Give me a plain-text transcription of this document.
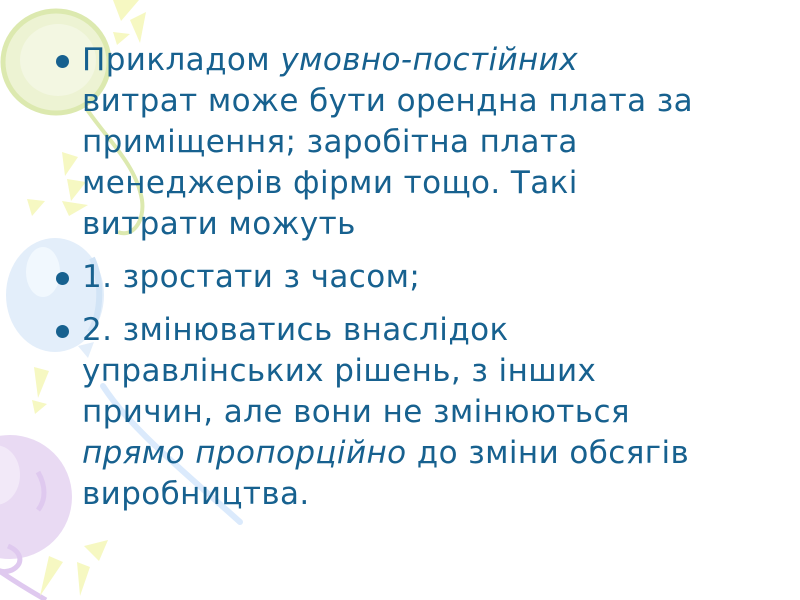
Прикладом умовно-постійних
витрат може бути орендна плата за
приміщення; заробітна плата
менеджерів фірми тощо. Такі
витрати можуть
1. зростати з часом;
2. змінюватись внаслідок
управлінських рішень, з інших
причин, але вони не змінюються
прямо пропорційно до зміни обсягів
виробництва.
